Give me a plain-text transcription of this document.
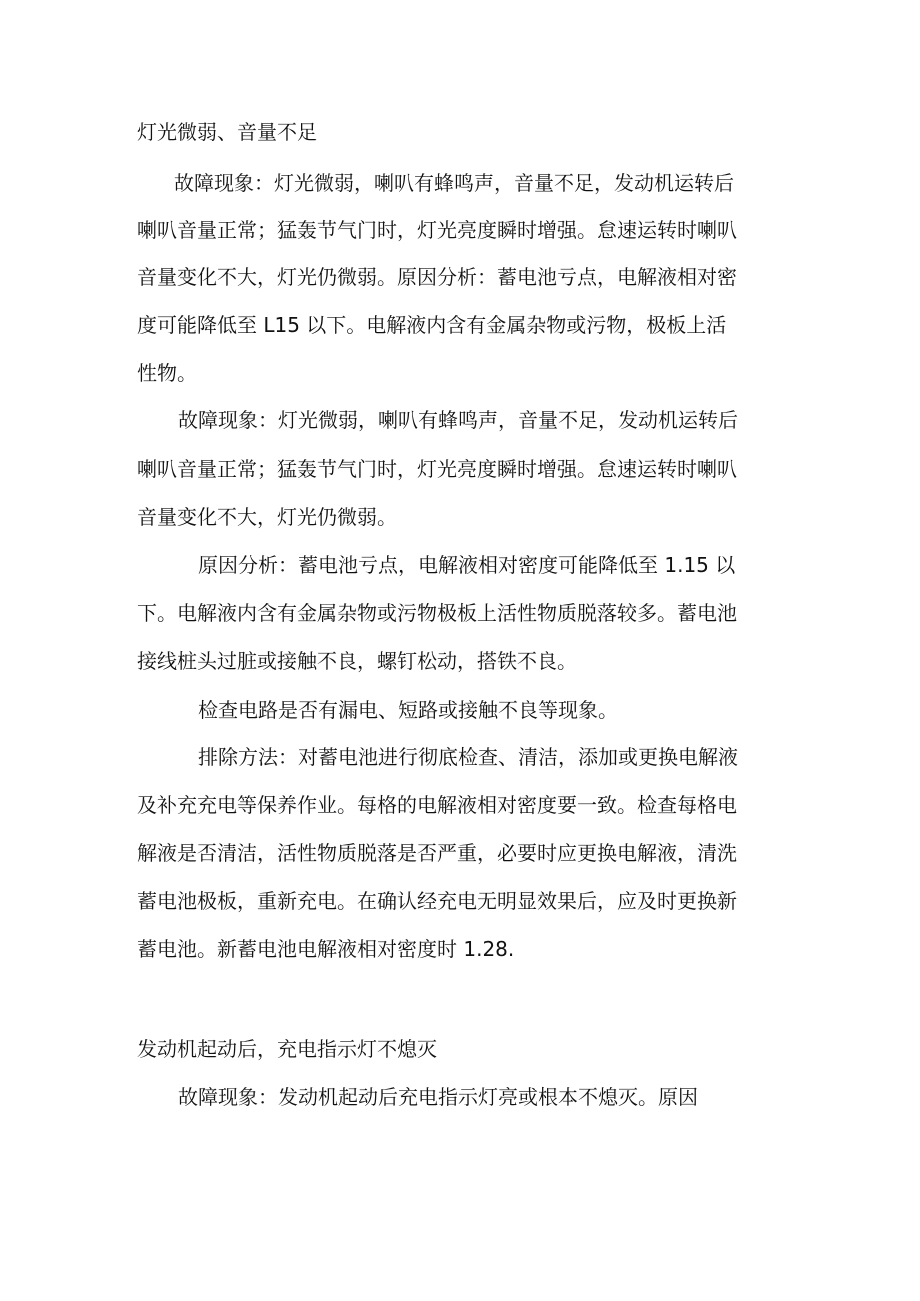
灯光微弱、音量不足
故障现象：灯光微弱，喇叭有蜂鸣声，音量不足，发动机运转后
喇叭音量正常；猛轰节气门时，灯光亮度瞬时增强。怠速运转时喇叭
音量变化不大，灯光仍微弱。原因分析：蓄电池亏点，电解液相对密
度可能降低至 L15 以下。电解液内含有金属杂物或污物，极板上活
性物。
故障现象：灯光微弱，喇叭有蜂鸣声，音量不足，发动机运转后
喇叭音量正常；猛轰节气门时，灯光亮度瞬时增强。怠速运转时喇叭
音量变化不大，灯光仍微弱。
原因分析：蓄电池亏点，电解液相对密度可能降低至 1.15 以
下。电解液内含有金属杂物或污物极板上活性物质脱落较多。蓄电池
接线桩头过脏或接触不良，螺钉松动，搭铁不良。
检查电路是否有漏电、短路或接触不良等现象。
排除方法：对蓄电池进行彻底检查、清洁，添加或更换电解液
及补充充电等保养作业。每格的电解液相对密度要一致。检查每格电
解液是否清洁，活性物质脱落是否严重，必要时应更换电解液，清洗
蓄电池极板，重新充电。在确认经充电无明显效果后，应及时更换新
蓄电池。新蓄电池电解液相对密度时 1.28.
发动机起动后，充电指示灯不熄灭
故障现象：发动机起动后充电指示灯亮或根本不熄灭。原因
